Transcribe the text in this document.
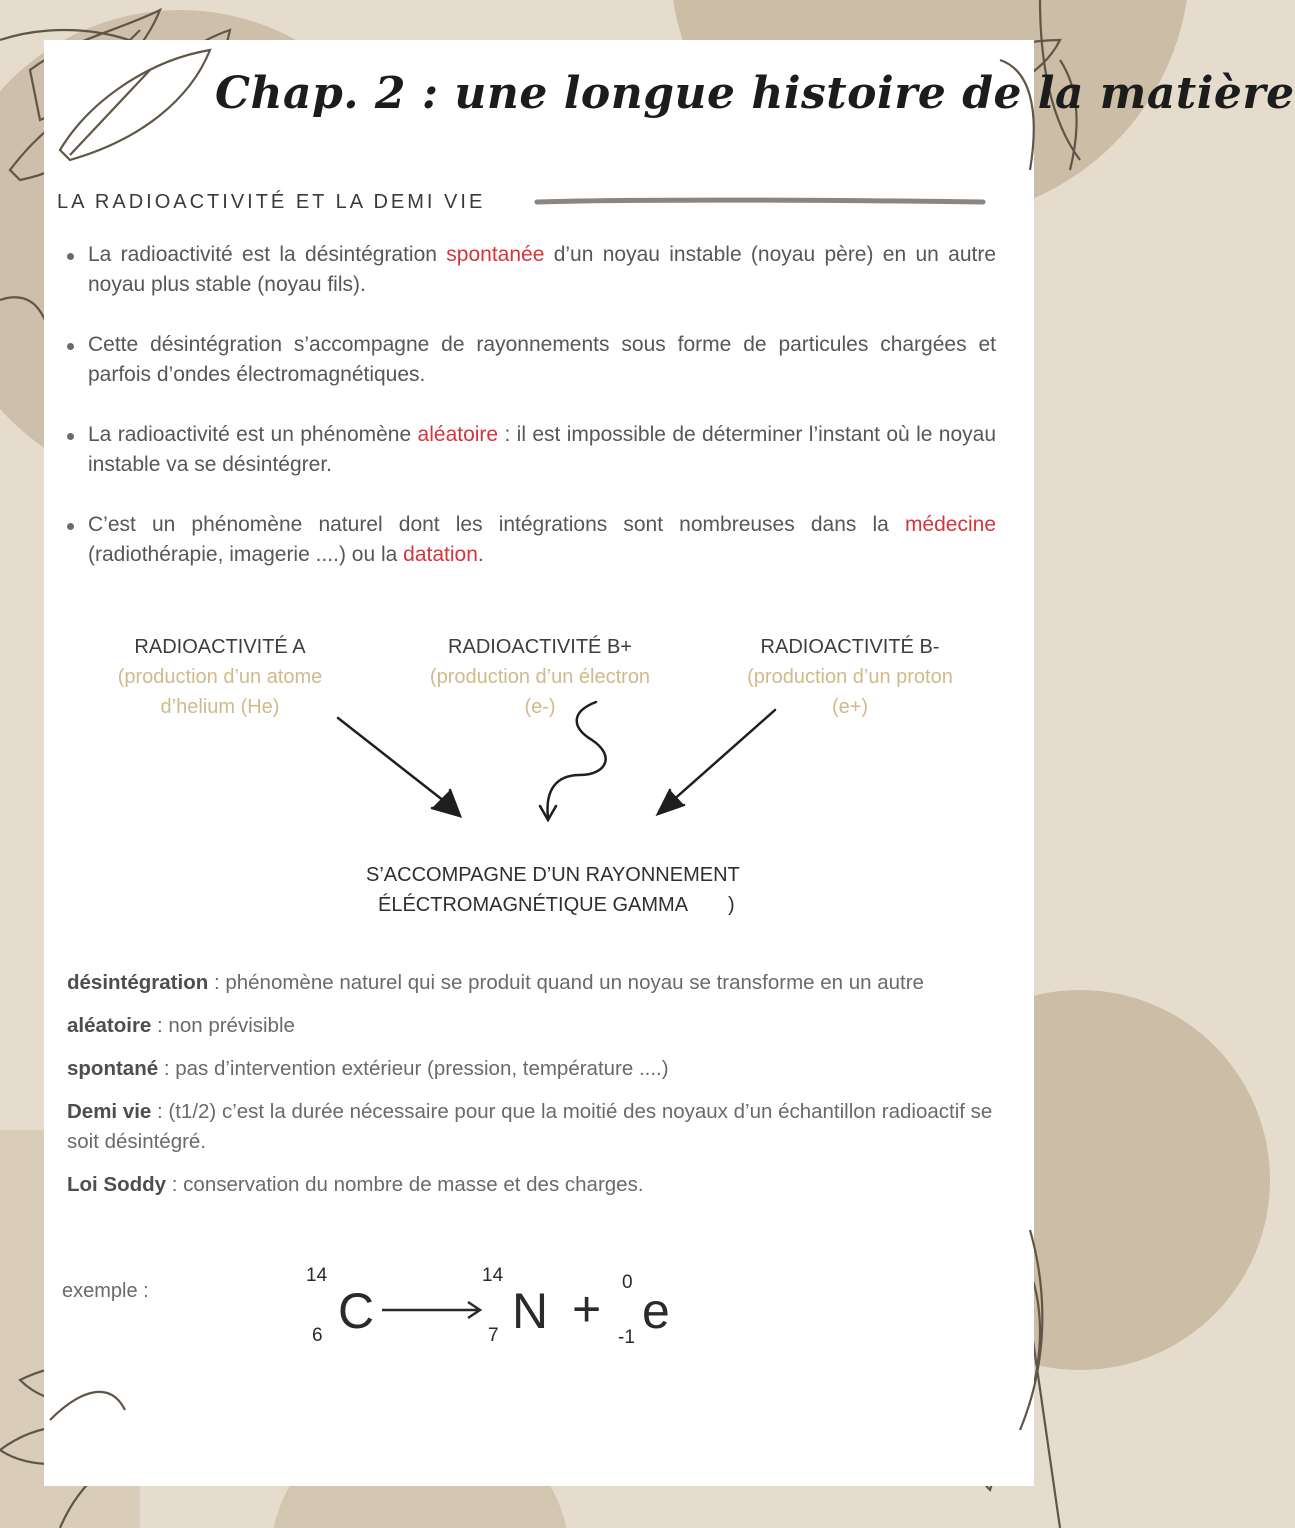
Chap. 2 : une longue histoire de la matière
LA RADIOACTIVITÉ ET LA DEMI VIE
La radioactivité est la désintégration spontanée d’un noyau instable (noyau père) en un autre noyau plus stable (noyau fils).
Cette désintégration s’accompagne de rayonnements sous forme de particules chargées et parfois d’ondes électromagnétiques.
La radioactivité est un phénomène aléatoire : il est impossible de déterminer l’instant où le noyau instable va se désintégrer.
C’est un phénomène naturel dont les intégrations sont nombreuses dans la médecine (radiothérapie, imagerie ....) ou la datation.
RADIOACTIVITÉ A
(production d’un atome
d’helium (He)
RADIOACTIVITÉ B+
(production d’un électron
(e-)
RADIOACTIVITÉ B-
(production d’un proton
(e+)
S’ACCOMPAGNE D’UN RAYONNEMENT
ÉLÉCTROMAGNÉTIQUE GAMMA )
désintégration : phénomène naturel qui se produit quand un noyau se transforme en un autre
aléatoire : non prévisible
spontané : pas d’intervention extérieur (pression, température ....)
Demi vie : (t1/2) c’est la durée nécessaire pour que la moitié des noyaux d’un échantillon radioactif se soit désintégré.
Loi Soddy : conservation du nombre de masse et des charges.
exemple :
14
6 C
14
7 N + 0
-1 e
